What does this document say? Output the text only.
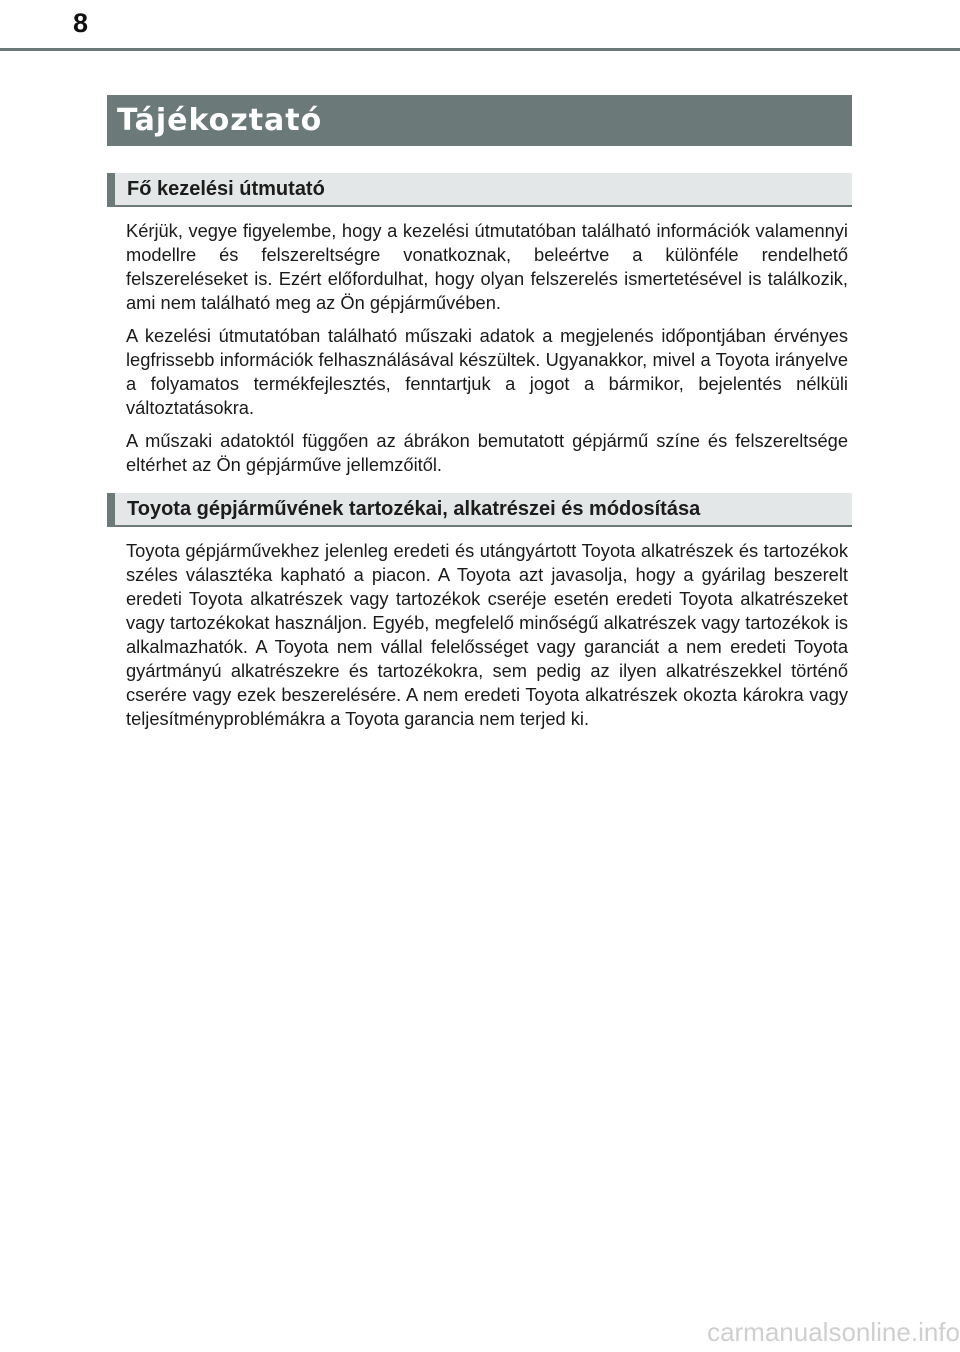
8
Tájékoztató
Fő kezelési útmutató

Kérjük, vegye figyelembe, hogy a kezelési útmutatóban található információk valamennyi modellre és felszereltségre vonatkoznak, beleértve a különféle rendelhető felszereléseket is. Ezért előfordulhat, hogy olyan felszerelés ismertetésével is találkozik, ami nem található meg az Ön gépjárművében.

A kezelési útmutatóban található műszaki adatok a megjelenés időpontjában érvényes legfrissebb információk felhasználásával készültek. Ugyanakkor, mivel a Toyota irányelve a folyamatos termékfejlesztés, fenntartjuk a jogot a bármikor, bejelentés nélküli változtatásokra.

A műszaki adatoktól függően az ábrákon bemutatott gépjármű színe és felszereltsége eltérhet az Ön gépjárműve jellemzőitől.

Toyota gépjárművének tartozékai, alkatrészei és módosítása

Toyota gépjárművekhez jelenleg eredeti és utángyártott Toyota alkatrészek és tartozékok széles választéka kapható a piacon. A Toyota azt javasolja, hogy a gyárilag beszerelt eredeti Toyota alkatrészek vagy tartozékok cseréje esetén eredeti Toyota alkatrészeket vagy tartozékokat használjon. Egyéb, megfelelő minőségű alkatrészek vagy tartozékok is alkalmazhatók. A Toyota nem vállal felelősséget vagy garanciát a nem eredeti Toyota gyártmányú alkatrészekre és tartozékokra, sem pedig az ilyen alkatrészekkel történő cserére vagy ezek beszerelésére. A nem eredeti Toyota alkatrészek okozta károkra vagy teljesítményproblémákra a Toyota garancia nem terjed ki.

carmanualsonline.info
